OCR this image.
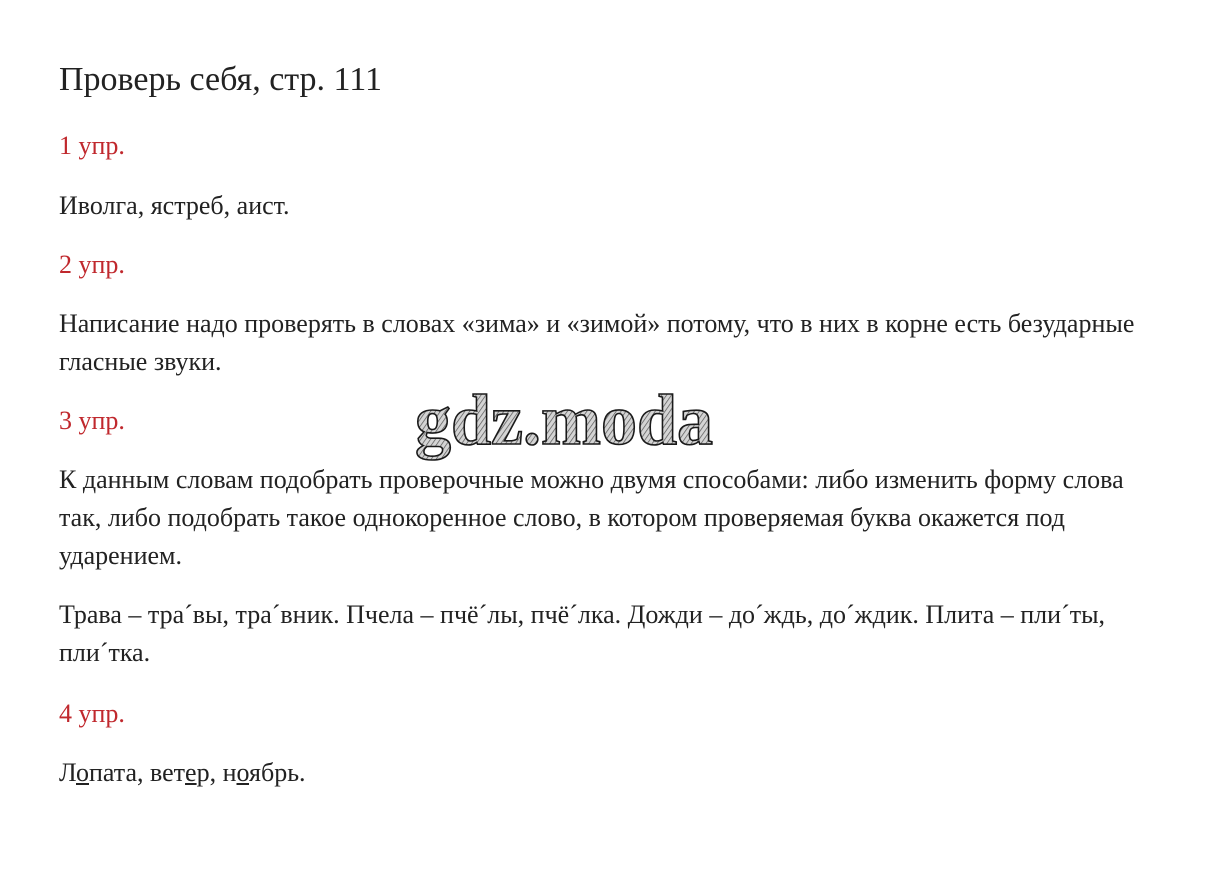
Проверь себя, стр. 111
1 упр.
Иволга, ястреб, аист.
2 упр.
Написание надо проверять в словах «зима» и «зимой» потому, что в них в корне есть безударные гласные звуки.
3 упр.
К данным словам подобрать проверочные можно двумя способами: либо изменить форму слова так, либо подобрать такое однокоренное слово, в котором проверяемая буква окажется под ударением.
Трава – тра´вы, тра´вник. Пчела – пчё´лы, пчё´лка. Дожди – до´ждь, до´ждик. Плита – пли´ты, пли´тка.
4 упр.
Лопата, ветер, ноябрь.
gdz.moda
